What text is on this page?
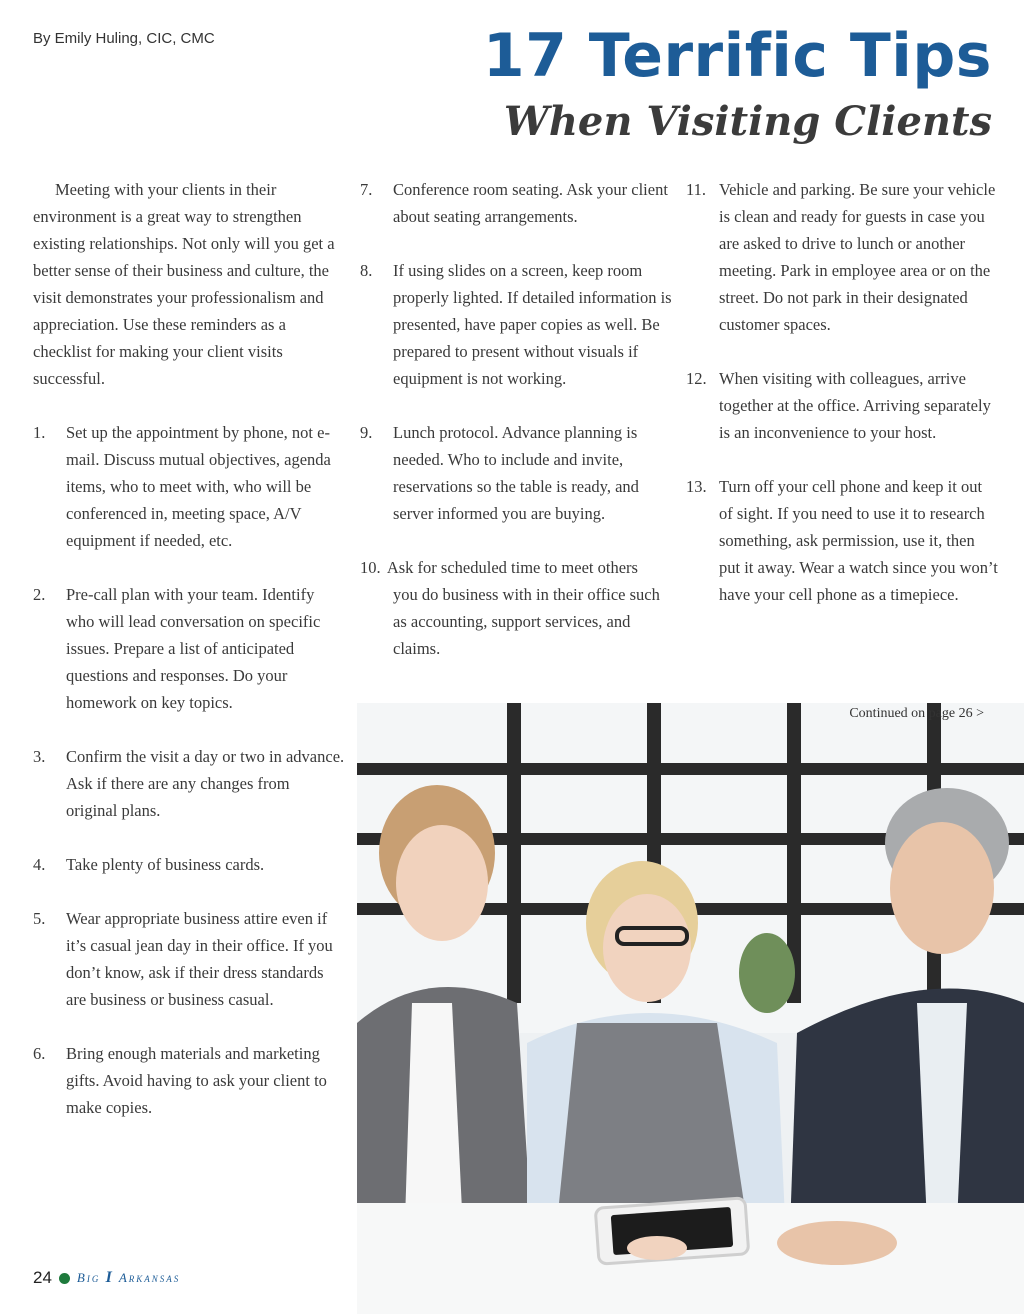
By Emily Huling, CIC, CMC	17 Terrific Tips
When Visiting Clients

Meeting with your clients in their environment is a great way to strengthen existing relationships. Not only will you get a better sense of their business and culture, the visit demonstrates your professionalism and appreciation. Use these reminders as a checklist for making your client visits successful.

1.	Set up the appointment by phone, not e-mail. Discuss mutual objectives, agenda items, who to meet with, who will be conferenced in, meeting space, A/V equipment if needed, etc.
2.	Pre-call plan with your team. Identify who will lead conversation on specific issues. Prepare a list of anticipated questions and responses. Do your homework on key topics.
3.	Confirm the visit a day or two in advance. Ask if there are any changes from original plans.
4.	Take plenty of business cards.
5.	Wear appropriate business attire even if it’s casual jean day in their office. If you don’t know, ask if their dress standards are business or business casual.
6.	Bring enough materials and marketing gifts. Avoid having to ask your client to make copies.
7.	Conference room seating. Ask your client about seating arrangements.
8.	If using slides on a screen, keep room properly lighted. If detailed information is presented, have paper copies as well. Be prepared to present without visuals if equipment is not working.
9.	Lunch protocol. Advance planning is needed. Who to include and invite, reservations so the table is ready, and server informed you are buying.
10. Ask for scheduled time to meet others
you do business with in their office such as accounting, support services, and claims.
11. Vehicle and parking. Be sure your vehicle is clean and ready for guests in case you are asked to drive to lunch or another meeting. Park in employee area or on the street. Do not park in their designated customer spaces.
12. When visiting with colleagues, arrive together at the office. Arriving separately is an inconvenience to your host.
13. Turn off your cell phone and keep it out of sight. If you need to use it to research something, ask permission, use it, then put it away. Wear a watch since you won’t have your cell phone as a timepiece.
Continued on page 26 >
24 Big I Arkansas
